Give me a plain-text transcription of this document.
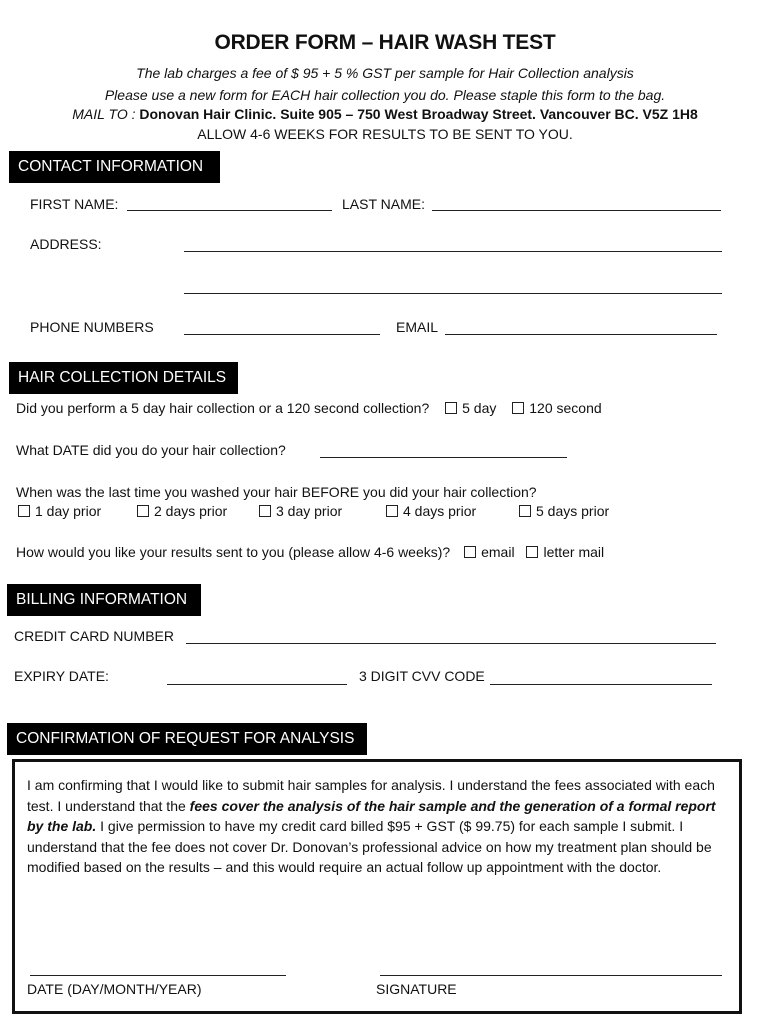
ORDER FORM – HAIR WASH TEST
The lab charges a fee of $ 95 + 5 % GST per sample for Hair Collection analysis
Please use a new form for EACH hair collection you do. Please staple this form to the bag.
MAIL TO : Donovan Hair Clinic. Suite 905 – 750 West Broadway Street. Vancouver BC. V5Z 1H8
ALLOW 4-6 WEEKS FOR RESULTS TO BE SENT TO YOU.
CONTACT INFORMATION
FIRST NAME:	LAST NAME:
ADDRESS:
PHONE NUMBERS	EMAIL
HAIR COLLECTION DETAILS
Did you perform a 5 day hair collection or a 120 second collection? 5 day 120 second
What DATE did you do your hair collection?
When was the last time you washed your hair BEFORE you did your hair collection?
1 day prior	2 days prior	3 day prior	4 days prior	5 days prior
How would you like your results sent to you (please allow 4-6 weeks)? email letter mail
BILLING INFORMATION
CREDIT CARD NUMBER
EXPIRY DATE:	3 DIGIT CVV CODE
CONFIRMATION OF REQUEST FOR ANALYSIS
I am confirming that I would like to submit hair samples for analysis. I understand the fees associated with each test. I understand that the fees cover the analysis of the hair sample and the generation of a formal report by the lab. I give permission to have my credit card billed $95 + GST ($ 99.75) for each sample I submit. I understand that the fee does not cover Dr. Donovan’s professional advice on how my treatment plan should be modified based on the results – and this would require an actual follow up appointment with the doctor.
DATE (DAY/MONTH/YEAR)	SIGNATURE
